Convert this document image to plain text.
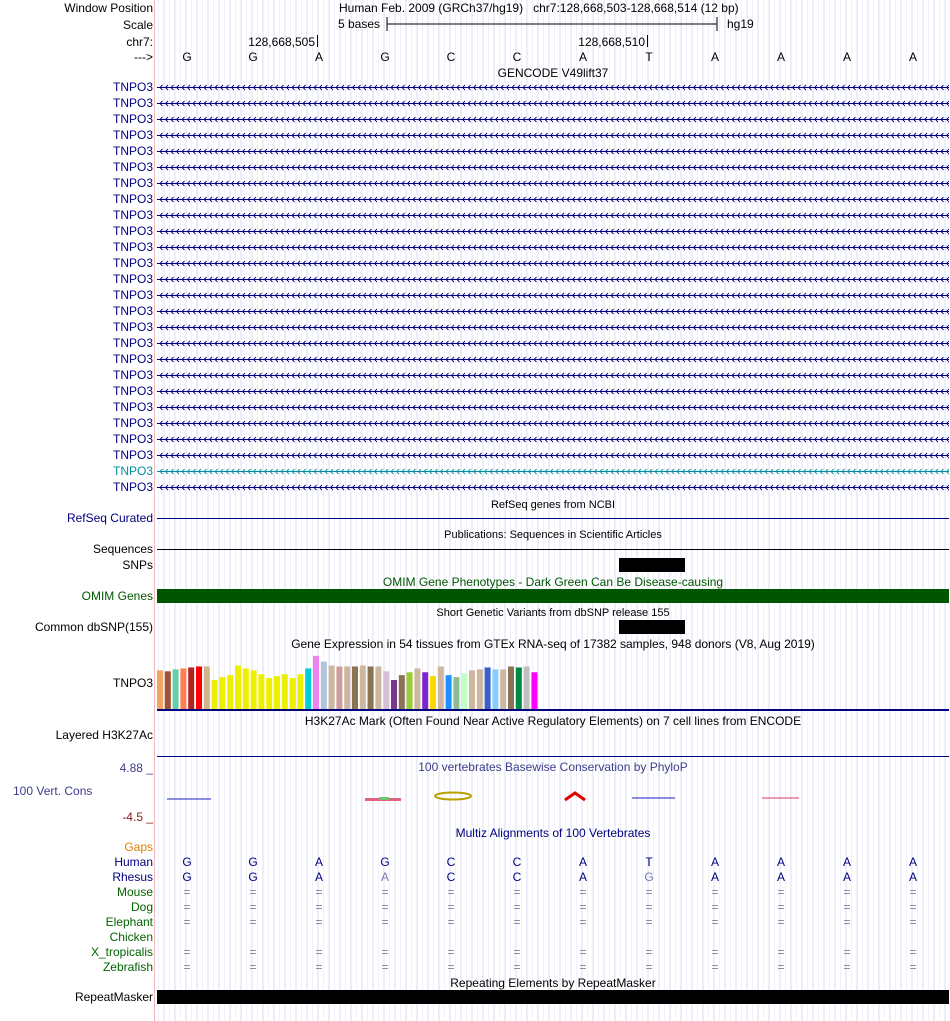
Window Position	Human Feb. 2009 (GRCh37/hg19) chr7:128,668,503-128,668,514 (12 bp)
Scale	5 bases	hg19
chr7:	128,668,505	128,668,510
--->	G	G	A	G	C	C	A	T	A	A	A	A
GENCODE V49lift37
TNPO3
TNPO3
TNPO3
TNPO3
TNPO3
TNPO3
TNPO3
TNPO3
TNPO3
TNPO3
TNPO3
TNPO3
TNPO3
TNPO3
TNPO3
TNPO3
TNPO3
TNPO3
TNPO3
TNPO3
TNPO3
TNPO3
TNPO3
TNPO3
TNPO3
TNPO3
RefSeq genes from NCBI
RefSeq Curated
Publications: Sequences in Scientific Articles
Sequences
SNPs
OMIM Gene Phenotypes - Dark Green Can Be Disease-causing
OMIM Genes
Short Genetic Variants from dbSNP release 155
Common dbSNP(155)
Gene Expression in 54 tissues from GTEx RNA-seq of 17382 samples, 948 donors (V8, Aug 2019)
TNPO3
H3K27Ac Mark (Often Found Near Active Regulatory Elements) on 7 cell lines from ENCODE
Layered H3K27Ac
100 vertebrates Basewise Conservation by PhyloP
4.88 _
100 Vert. Cons
-4.5 _
Multiz Alignments of 100 Vertebrates
Gaps
Human	G	G	A	G	C	C	A	T	A	A	A	A
Rhesus	G	G	A	A	C	C	A	G	A	A	A	A
Mouse	=	=	=	=	=	=	=	=	=	=	=	=
Dog	=	=	=	=	=	=	=	=	=	=	=	=
Elephant	=	=	=	=	=	=	=	=	=	=	=	=
Chicken
X_tropicalis	=	=	=	=	=	=	=	=	=	=	=	=
Zebrafish	=	=	=	=	=	=	=	=	=	=	=	=
Repeating Elements by RepeatMasker
RepeatMasker
